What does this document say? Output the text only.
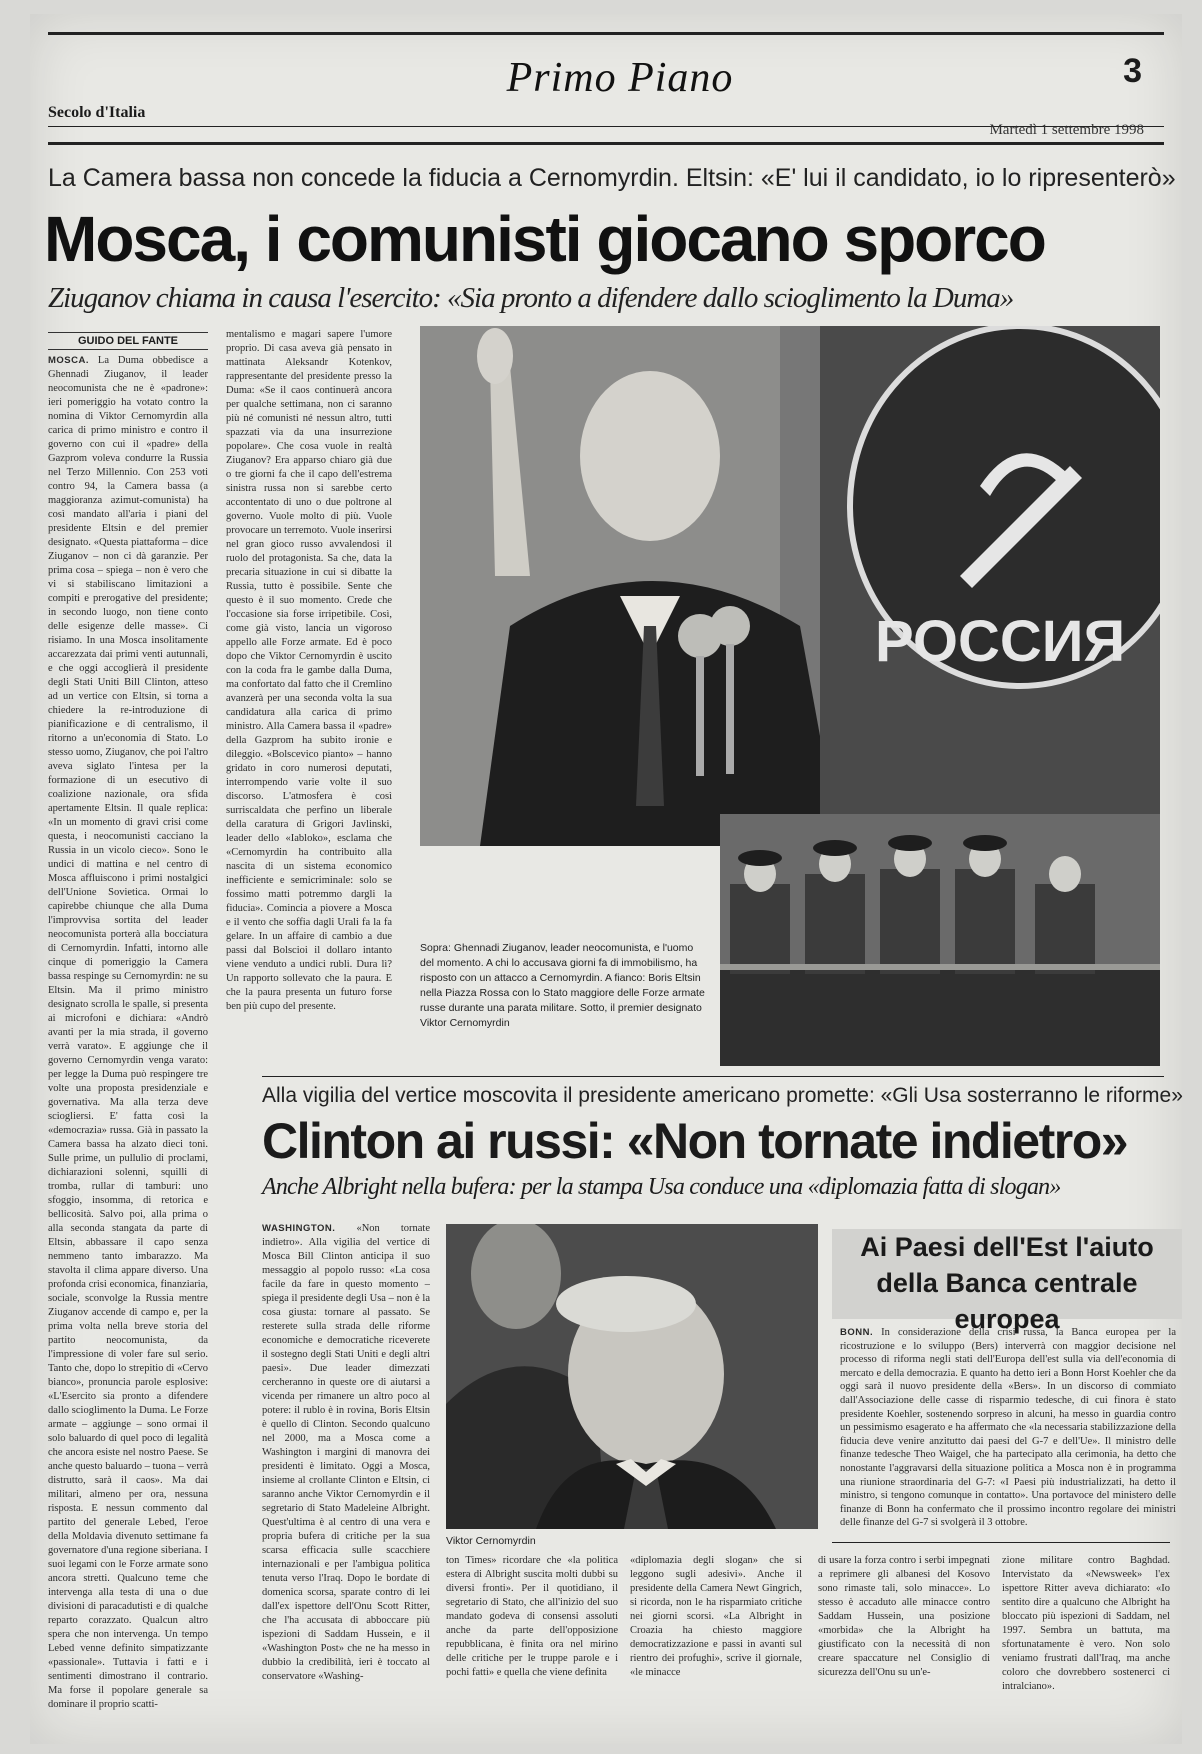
Primo Piano	3
Secolo d'Italia
Martedì 1 settembre 1998
La Camera bassa non concede la fiducia a Cernomyrdin. Eltsin: «E' lui il candidato, io lo ripresenterò»
Mosca, i comunisti giocano sporco
Ziuganov chiama in causa l'esercito: «Sia pronto a difendere dallo scioglimento la Duma»
GUIDO DEL FANTE
MOSCA. La Duma obbedisce a Ghennadi Ziuganov, il leader neocomunista che ne è «padrone»: ieri pomeriggio ha votato contro la nomina di Viktor Cernomyrdin alla carica di primo ministro e contro il governo con cui il «padre» della Gazprom voleva condurre la Russia nel Terzo Millennio. Con 253 voti contro 94, la Camera bassa (a maggioranza azimut-comunista) ha così mandato all'aria i piani del presidente Eltsin e del premier designato. «Questa piattaforma – dice Ziuganov – non ci dà garanzie. Per prima cosa – spiega – non è vero che vi si stabiliscano limitazioni a compiti e prerogative del presidente; in secondo luogo, non tiene conto delle esigenze delle masse». Ci risiamo. In una Mosca insolitamente accarezzata dai primi venti autunnali, e che oggi accoglierà il presidente degli Stati Uniti Bill Clinton, atteso ad un vertice con Eltsin, si torna a chiedere la re-introduzione di pianificazione e di centralismo, il ritorno a un'economia di Stato. Lo stesso uomo, Ziuganov, che poi l'altro aveva siglato l'intesa per la formazione di un esecutivo di coalizione nazionale, ora sfida apertamente Eltsin. Il quale replica: «In un momento di gravi crisi come questa, i neocomunisti cacciano la Russia in un vicolo cieco». Sono le undici di mattina e nel centro di Mosca affluiscono i primi nostalgici dell'Unione Sovietica. Ormai lo capirebbe chiunque che alla Duma l'improvvisa sortita del leader neocomunista porterà alla bocciatura di Cernomyrdin. Infatti, intorno alle cinque di pomeriggio la Camera bassa respinge su Cernomyrdin: ne su Eltsin. Ma il primo ministro designato scrolla le spalle, si presenta ai microfoni e dichiara: «Andrò avanti per la mia strada, il governo verrà varato». E aggiunge che il governo Cernomyrdin venga varato: per legge la Duma può respingere tre volte una proposta presidenziale e governativa. Ma alla terza deve sciogliersi. E' fatta così la «democrazia» russa. Già in passato la Camera bassa ha alzato dieci toni. Sulle prime, un pullulìo di proclami, dichiarazioni solenni, squilli di tromba, rullar di tamburi: uno sfoggio, insomma, di retorica e bellicosità. Salvo poi, alla prima o alla seconda stangata da parte di Eltsin, abbassare il capo senza nemmeno tanto imbarazzo. Ma stavolta il clima appare diverso. Una profonda crisi economica, finanziaria, sociale, sconvolge la Russia mentre Ziuganov accende di campo e, per la prima volta nella breve storia del partito neocomunista, da l'impressione di voler fare sul serio. Tanto che, dopo lo strepitio di «Cervo bianco», pronuncia parole esplosive: «L'Esercito sia pronto a difendere dallo scioglimento la Duma. Le Forze armate – aggiunge – sono ormai il solo baluardo di quel poco di legalità che ancora esiste nel nostro Paese. Se anche questo baluardo – tuona – verrà distrutto, sarà il caos». Ma dai militari, almeno per ora, nessuna risposta. E nessun commento dal partito del generale Lebed, l'eroe della Moldavia divenuto settimane fa governatore d'una regione siberiana. I suoi legami con le Forze armate sono ancora stretti. Qualcuno teme che intervenga alla testa di una o due divisioni di paracadutisti e di qualche reparto corazzato. Qualcun altro spera che non intervenga. Un tempo Lebed venne definito simpatizzante «passionale». Tuttavia i fatti e i sentimenti dimostrano il contrario. Ma forse il popolare generale sa dominare il proprio scatti-
mentalismo e magari sapere l'umore proprio. Di casa aveva già pensato in mattinata Aleksandr Kotenkov, rappresentante del presidente presso la Duma: «Se il caos continuerà ancora per qualche settimana, non ci saranno più né comunisti né nessun altro, tutti spazzati via da una insurrezione popolare». Che cosa vuole in realtà Ziuganov? Era apparso chiaro già due o tre giorni fa che il capo dell'estrema sinistra russa non si sarebbe certo accontentato di uno o due poltrone al governo. Vuole molto di più. Vuole provocare un terremoto. Vuole inserirsi nel gran gioco russo avvalendosi il ruolo del protagonista. Sa che, data la precaria situazione in cui si dibatte la Russia, tutto è possibile. Sente che questo è il suo momento. Crede che l'occasione sia forse irripetibile. Così, come già visto, lancia un vigoroso appello alle Forze armate. Ed è poco dopo che Viktor Cernomyrdin è uscito con la coda fra le gambe dalla Duma, ma confortato dal fatto che il Cremlino avanzerà per una seconda volta la sua candidatura alla carica di primo ministro. Alla Camera bassa il «padre» della Gazprom ha subito ironie e dileggio. «Bolscevico pianto» – hanno gridato in coro numerosi deputati, interrompendo varie volte il suo discorso. L'atmosfera è così surriscaldata che perfino un liberale della caratura di Grigori Javlinski, leader dello «Iabloko», esclama che «Cernomyrdin ha contribuito alla nascita di un sistema economico inefficiente e semicriminale: solo se fossimo matti potremmo dargli la fiducia». Comincia a piovere a Mosca e il vento che soffia dagli Urali fa la fa gelare. In un affaire di cambio a due passi dal Bolscioi il dollaro intanto viene venduto a undici rubli. Dura lì? Un rapporto sollevato che la paura. E che la paura presenta un futuro forse ben più cupo del presente.
РОССИЯ
Sopra: Ghennadi Ziuganov, leader neocomunista, e l'uomo del momento. A chi lo accusava giorni fa di immobilismo, ha risposto con un attacco a Cernomyrdin. A fianco: Boris Eltsin nella Piazza Rossa con lo Stato maggiore delle Forze armate russe durante una parata militare. Sotto, il premier designato Viktor Cernomyrdin
Alla vigilia del vertice moscovita il presidente americano promette: «Gli Usa sosterranno le riforme»
Clinton ai russi: «Non tornate indietro»
Anche Albright nella bufera: per la stampa Usa conduce una «diplomazia fatta di slogan»
WASHINGTON. «Non tornate indietro». Alla vigilia del vertice di Mosca Bill Clinton anticipa il suo messaggio al popolo russo: «La cosa facile da fare in questo momento – spiega il presidente degli Usa – non è la cosa giusta: tornare al passato. Se resterete sulla strada delle riforme economiche e democratiche riceverete il sostegno degli Stati Uniti e degli altri paesi». Due leader dimezzati cercheranno in queste ore di aiutarsi a vicenda per rimanere un altro poco al potere: il rublo è in rovina, Boris Eltsin è quello di Clinton. Secondo qualcuno nel 2000, ma a Mosca come a Washington i margini di manovra dei presidenti è limitato. Oggi a Mosca, insieme al crollante Clinton e Eltsin, ci saranno anche Viktor Cernomyrdin e il segretario di Stato Madeleine Albright. Quest'ultima è al centro di una vera e propria bufera di critiche per la sua scarsa efficacia sulle scacchiere internazionali e per l'ambigua politica tenuta verso l'Iraq. Dopo le bordate di domenica scorsa, sparate contro di lei dall'ex ispettore dell'Onu Scott Ritter, che l'ha accusata di abboccare più ispezioni di Saddam Hussein, e il «Washington Post» che ne ha messo in dubbio la credibilità, ieri è toccato al conservatore «Washing-
Viktor Cernomyrdin
ton Times» ricordare che «la politica estera di Albright suscita molti dubbi su diversi fronti». Per il quotidiano, il segretario di Stato, che all'inizio del suo mandato godeva di consensi assoluti anche da parte dell'opposizione repubblicana, è finita ora nel mirino delle critiche per le truppe parole e i pochi fatti» e quella che viene definita
«diplomazia degli slogan» che si leggono sugli adesivi». Anche il presidente della Camera Newt Gingrich, si ricorda, non le ha risparmiato critiche nei giorni scorsi. «La Albright in Croazia ha chiesto maggiore democratizzazione e passi in avanti sul rientro dei profughi», scrive il giornale, «le minacce
di usare la forza contro i serbi impegnati a reprimere gli albanesi del Kosovo sono rimaste tali, solo minacce». Lo stesso è accaduto alle minacce contro Saddam Hussein, una posizione «morbida» che la Albright ha giustificato con la necessità di non creare spaccature nel Consiglio di sicurezza dell'Onu su un'e-
zione militare contro Baghdad. Intervistato da «Newsweek» l'ex ispettore Ritter aveva dichiarato: «Io sentito dire a qualcuno che Albright ha bloccato più ispezioni di Saddam, nel 1997. Sembra un battuta, ma sfortunatamente è vero. Non solo veniamo frustrati dall'Iraq, ma anche coloro che dovrebbero sostenerci ci intralciano».
Ai Paesi dell'Est l'aiuto
della Banca centrale europea
BONN. In considerazione della crisi russa, la Banca europea per la ricostruzione e lo sviluppo (Bers) interverrà con maggior decisione nel processo di riforma negli stati dell'Europa dell'est sulla via dell'economia di mercato e della democrazia. E quanto ha detto ieri a Bonn Horst Koehler che da oggi sarà il nuovo presidente della «Bers». In un discorso di commiato dall'Associazione delle casse di risparmio tedesche, di cui finora è stato presidente Koehler, sostenendo sorpreso in alcuni, ha messo in guardia contro un pessimismo esagerato e ha affermato che «la necessaria stabilizzazione della fiducia deve venire anzitutto dai paesi del G-7 e dell'Ue». Il ministro delle finanze tedesche Theo Waigel, che ha partecipato alla cerimonia, ha detto che nonostante l'aggravarsi della situazione politica a Mosca non è in programma una riunione straordinaria del G-7: «I Paesi più industrializzati, ha detto il ministro, si tengono comunque in contatto». Una portavoce del ministero delle finanze di Bonn ha confermato che il prossimo incontro regolare dei ministri delle finanze del G-7 si svolgerà il 3 ottobre.
